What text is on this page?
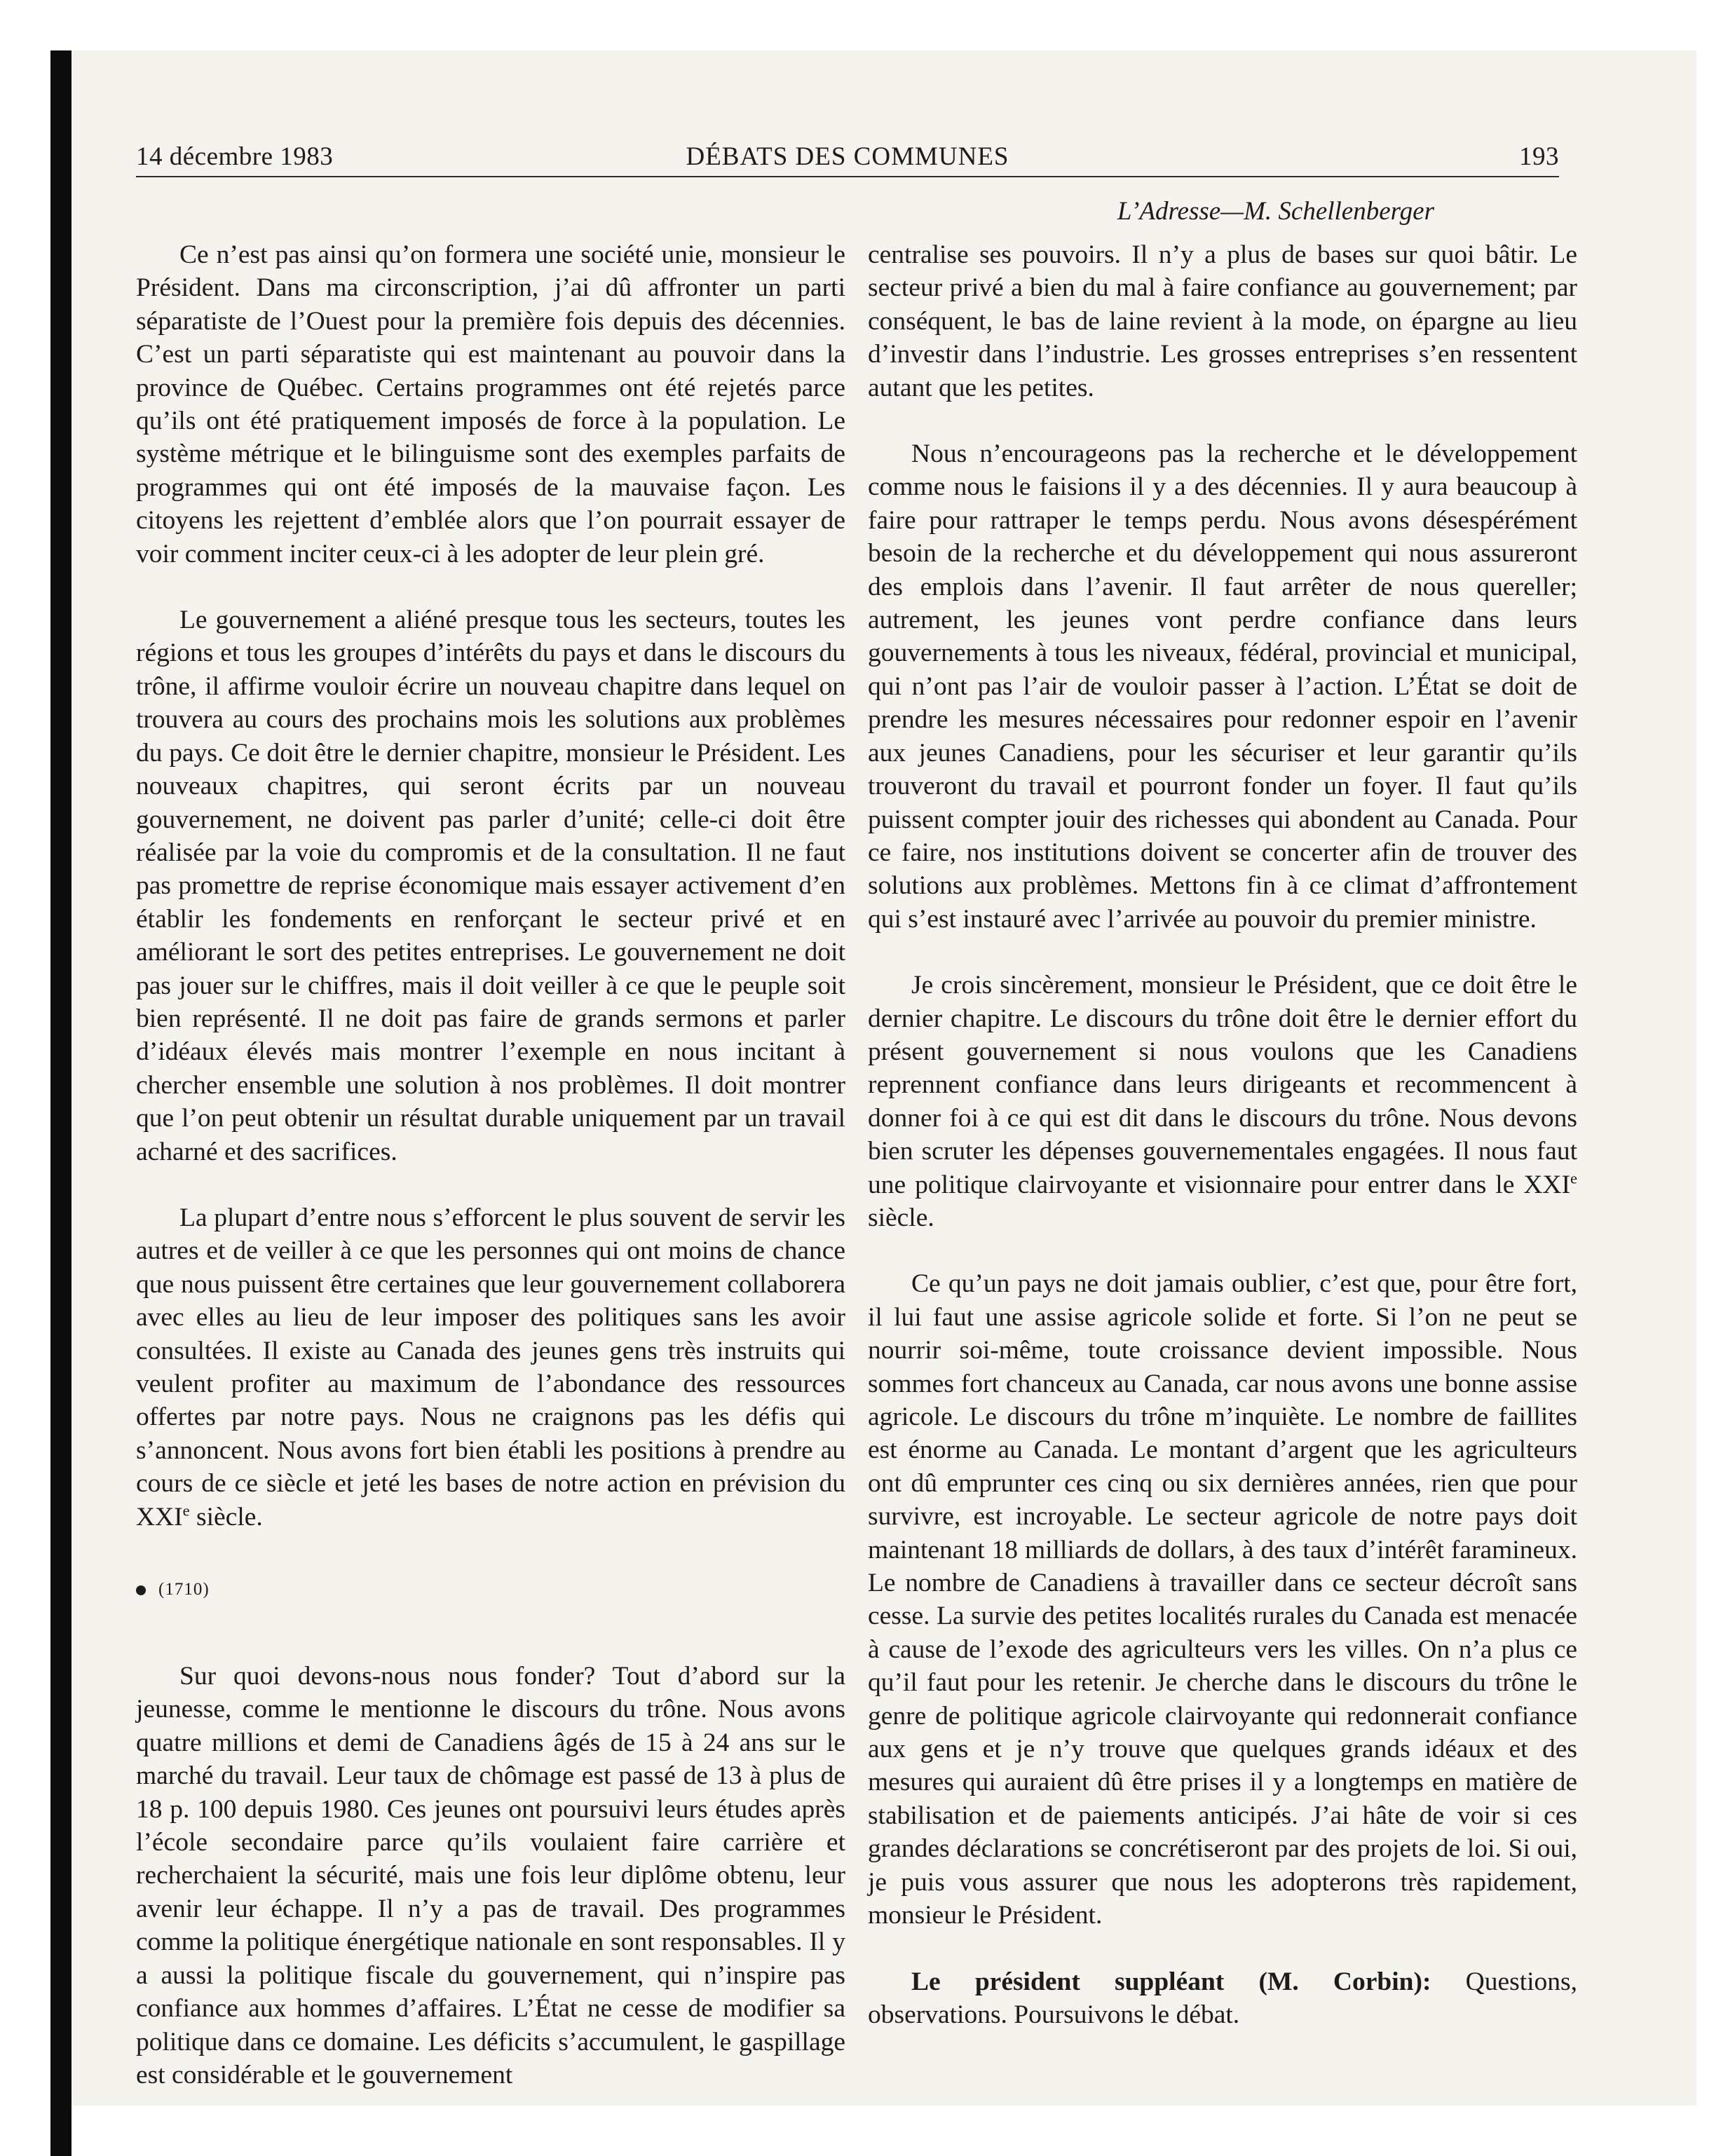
14 décembre 1983	DÉBATS DES COMMUNES	193
L’Adresse—M. Schellenberger

Ce n’est pas ainsi qu’on formera une société unie, monsieur le Président. Dans ma circonscription, j’ai dû affronter un parti séparatiste de l’Ouest pour la première fois depuis des décennies. C’est un parti séparatiste qui est maintenant au pouvoir dans la province de Québec. Certains programmes ont été rejetés parce qu’ils ont été pratiquement imposés de force à la population. Le système métrique et le bilinguisme sont des exemples parfaits de programmes qui ont été imposés de la mauvaise façon. Les citoyens les rejettent d’emblée alors que l’on pourrait essayer de voir comment inciter ceux-ci à les adopter de leur plein gré.

Le gouvernement a aliéné presque tous les secteurs, toutes les régions et tous les groupes d’intérêts du pays et dans le discours du trône, il affirme vouloir écrire un nouveau chapitre dans lequel on trouvera au cours des prochains mois les solutions aux problèmes du pays. Ce doit être le dernier chapitre, monsieur le Président. Les nouveaux chapitres, qui seront écrits par un nouveau gouvernement, ne doivent pas parler d’unité; celle-ci doit être réalisée par la voie du compromis et de la consultation. Il ne faut pas promettre de reprise économique mais essayer activement d’en établir les fondements en renforçant le secteur privé et en améliorant le sort des petites entreprises. Le gouvernement ne doit pas jouer sur le chiffres, mais il doit veiller à ce que le peuple soit bien représenté. Il ne doit pas faire de grands sermons et parler d’idéaux élevés mais montrer l’exemple en nous incitant à chercher ensemble une solution à nos problèmes. Il doit montrer que l’on peut obtenir un résultat durable uniquement par un travail acharné et des sacrifices.

La plupart d’entre nous s’efforcent le plus souvent de servir les autres et de veiller à ce que les personnes qui ont moins de chance que nous puissent être certaines que leur gouvernement collaborera avec elles au lieu de leur imposer des politiques sans les avoir consultées. Il existe au Canada des jeunes gens très instruits qui veulent profiter au maximum de l’abondance des ressources offertes par notre pays. Nous ne craignons pas les défis qui s’annoncent. Nous avons fort bien établi les positions à prendre au cours de ce siècle et jeté les bases de notre action en prévision du XXIe siècle.

(1710)

Sur quoi devons-nous nous fonder? Tout d’abord sur la jeunesse, comme le mentionne le discours du trône. Nous avons quatre millions et demi de Canadiens âgés de 15 à 24 ans sur le marché du travail. Leur taux de chômage est passé de 13 à plus de 18 p. 100 depuis 1980. Ces jeunes ont poursuivi leurs études après l’école secondaire parce qu’ils voulaient faire carrière et recherchaient la sécurité, mais une fois leur diplôme obtenu, leur avenir leur échappe. Il n’y a pas de travail. Des programmes comme la politique énergétique nationale en sont responsables. Il y a aussi la politique fiscale du gouvernement, qui n’inspire pas confiance aux hommes d’affaires. L’État ne cesse de modifier sa politique dans ce domaine. Les déficits s’accumulent, le gaspillage est considérable et le gouvernement

centralise ses pouvoirs. Il n’y a plus de bases sur quoi bâtir. Le secteur privé a bien du mal à faire confiance au gouvernement; par conséquent, le bas de laine revient à la mode, on épargne au lieu d’investir dans l’industrie. Les grosses entreprises s’en ressentent autant que les petites.

Nous n’encourageons pas la recherche et le développement comme nous le faisions il y a des décennies. Il y aura beaucoup à faire pour rattraper le temps perdu. Nous avons désespérément besoin de la recherche et du développement qui nous assureront des emplois dans l’avenir. Il faut arrêter de nous quereller; autrement, les jeunes vont perdre confiance dans leurs gouvernements à tous les niveaux, fédéral, provincial et municipal, qui n’ont pas l’air de vouloir passer à l’action. L’État se doit de prendre les mesures nécessaires pour redonner espoir en l’avenir aux jeunes Canadiens, pour les sécuriser et leur garantir qu’ils trouveront du travail et pourront fonder un foyer. Il faut qu’ils puissent compter jouir des richesses qui abondent au Canada. Pour ce faire, nos institutions doivent se concerter afin de trouver des solutions aux problèmes. Mettons fin à ce climat d’affrontement qui s’est instauré avec l’arrivée au pouvoir du premier ministre.

Je crois sincèrement, monsieur le Président, que ce doit être le dernier chapitre. Le discours du trône doit être le dernier effort du présent gouvernement si nous voulons que les Canadiens reprennent confiance dans leurs dirigeants et recommencent à donner foi à ce qui est dit dans le discours du trône. Nous devons bien scruter les dépenses gouvernementales engagées. Il nous faut une politique clairvoyante et visionnaire pour entrer dans le XXIe siècle.

Ce qu’un pays ne doit jamais oublier, c’est que, pour être fort, il lui faut une assise agricole solide et forte. Si l’on ne peut se nourrir soi-même, toute croissance devient impossible. Nous sommes fort chanceux au Canada, car nous avons une bonne assise agricole. Le discours du trône m’inquiète. Le nombre de faillites est énorme au Canada. Le montant d’argent que les agriculteurs ont dû emprunter ces cinq ou six dernières années, rien que pour survivre, est incroyable. Le secteur agricole de notre pays doit maintenant 18 milliards de dollars, à des taux d’intérêt faramineux. Le nombre de Canadiens à travailler dans ce secteur décroît sans cesse. La survie des petites localités rurales du Canada est menacée à cause de l’exode des agriculteurs vers les villes. On n’a plus ce qu’il faut pour les retenir. Je cherche dans le discours du trône le genre de politique agricole clairvoyante qui redonnerait confiance aux gens et je n’y trouve que quelques grands idéaux et des mesures qui auraient dû être prises il y a longtemps en matière de stabilisation et de paiements anticipés. J’ai hâte de voir si ces grandes déclarations se concrétiseront par des projets de loi. Si oui, je puis vous assurer que nous les adopterons très rapidement, monsieur le Président.

Le président suppléant (M. Corbin): Questions, observations. Poursuivons le débat.
